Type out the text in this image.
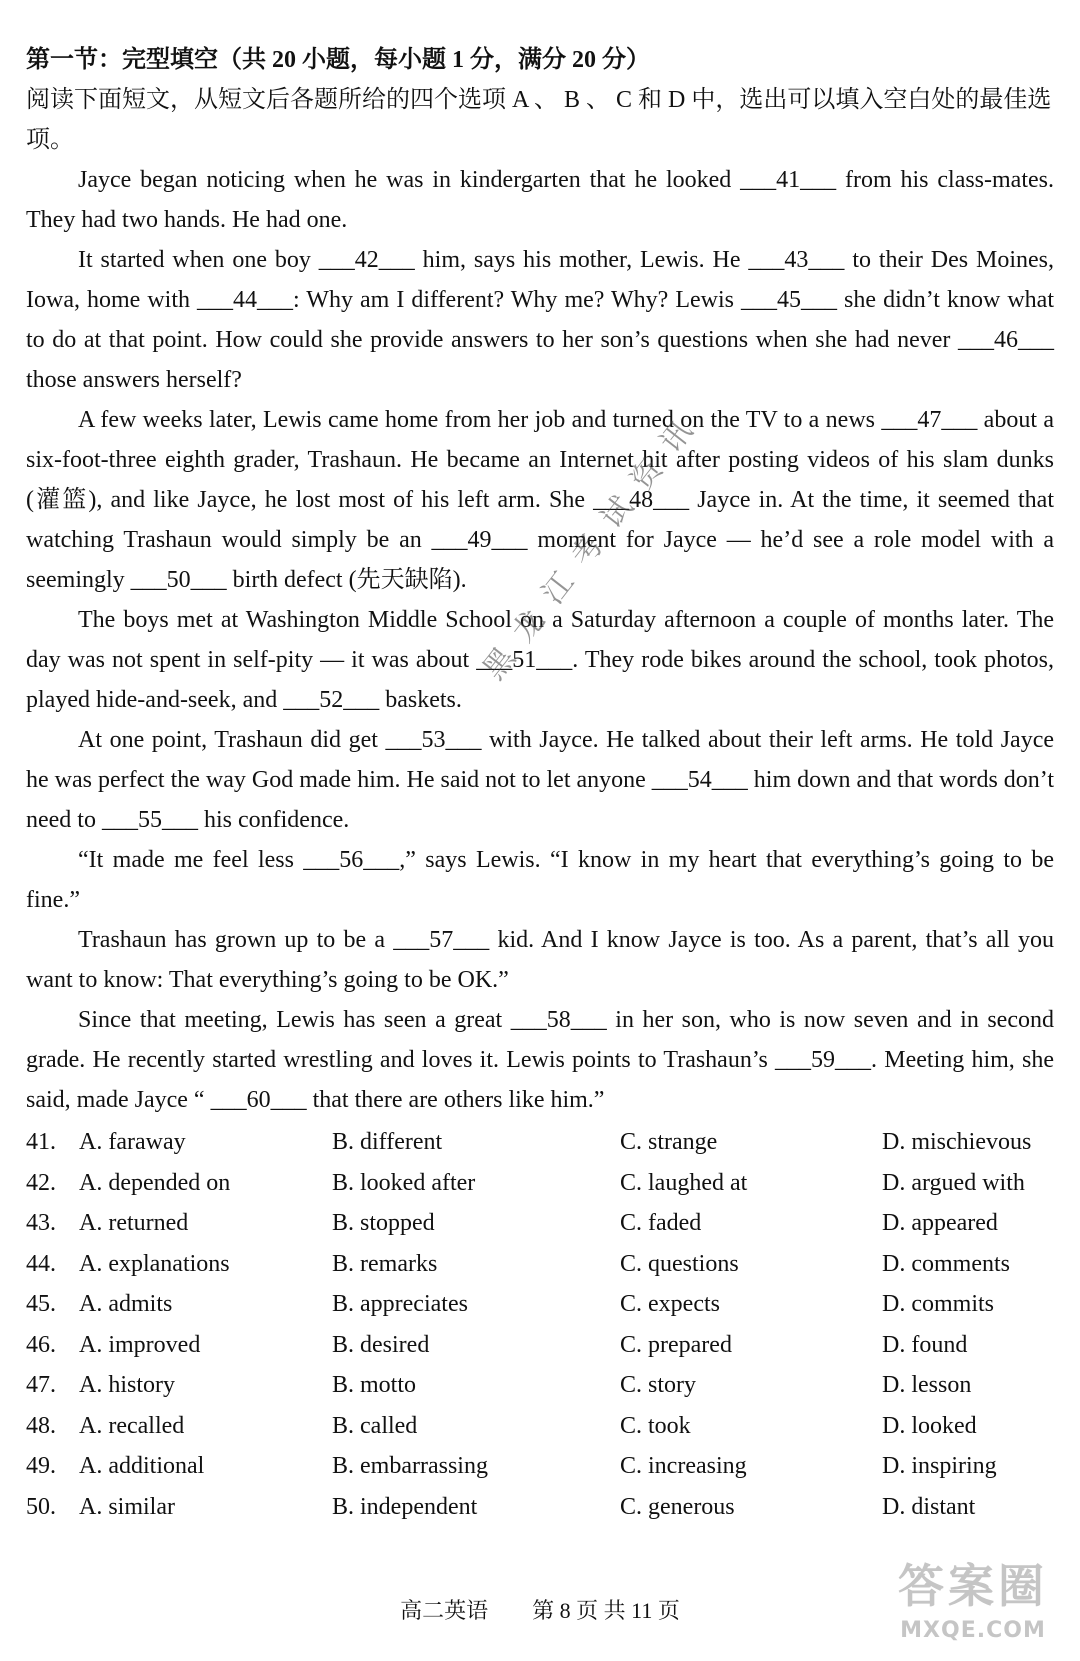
第一节：完型填空（共 20 小题，每小题 1 分，满分 20 分）

阅读下面短文，从短文后各题所给的四个选项 A 、 B 、 C 和 D 中，选出可以填入空白处的最佳选项。

Jayce began noticing when he was in kindergarten that he looked ___41___ from his class-mates. They had two hands. He had one.

It started when one boy ___42___ him, says his mother, Lewis. He ___43___ to their Des Moines, Iowa, home with ___44___: Why am I different? Why me? Why? Lewis ___45___ she didn’t know what to do at that point. How could she provide answers to her son’s questions when she had never ___46___ those answers herself?

A few weeks later, Lewis came home from her job and turned on the TV to a news ___47___ about a six-foot-three eighth grader, Trashaun. He became an Internet hit after posting videos of his slam dunks (灌篮), and like Jayce, he lost most of his left arm. She ___48___ Jayce in. At the time, it seemed that watching Trashaun would simply be an ___49___ moment for Jayce — he’d see a role model with a seemingly ___50___ birth defect (先天缺陷).

The boys met at Washington Middle School on a Saturday afternoon a couple of months later. The day was not spent in self-pity — it was about ___51___. They rode bikes around the school, took photos, played hide-and-seek, and ___52___ baskets.

At one point, Trashaun did get ___53___ with Jayce. He talked about their left arms. He told Jayce he was perfect the way God made him. He said not to let anyone ___54___ him down and that words don’t need to ___55___ his confidence.

“It made me feel less ___56___,” says Lewis. “I know in my heart that everything’s going to be fine.”

Trashaun has grown up to be a ___57___ kid. And I know Jayce is too. As a parent, that’s all you want to know: That everything’s going to be OK.”

Since that meeting, Lewis has seen a great ___58___ in her son, who is now seven and in second grade. He recently started wrestling and loves it. Lewis points to Trashaun’s ___59___. Meeting him, she said, made Jayce “ ___60___ that there are others like him.”

41. A. faraway	B. different	C. strange	D. mischievous
42. A. depended on	B. looked after	C. laughed at	D. argued with
43. A. returned	B. stopped	C. faded	D. appeared
44. A. explanations	B. remarks	C. questions	D. comments
45. A. admits	B. appreciates	C. expects	D. commits
46. A. improved	B. desired	C. prepared	D. found
47. A. history	B. motto	C. story	D. lesson
48. A. recalled	B. called	C. took	D. looked
49. A. additional	B. embarrassing	C. increasing	D. inspiring
50. A. similar	B. independent	C. generous	D. distant
黑龙江考试资讯
高二英语　　第 8 页 共 11 页	答案圈
MXQE.COM
